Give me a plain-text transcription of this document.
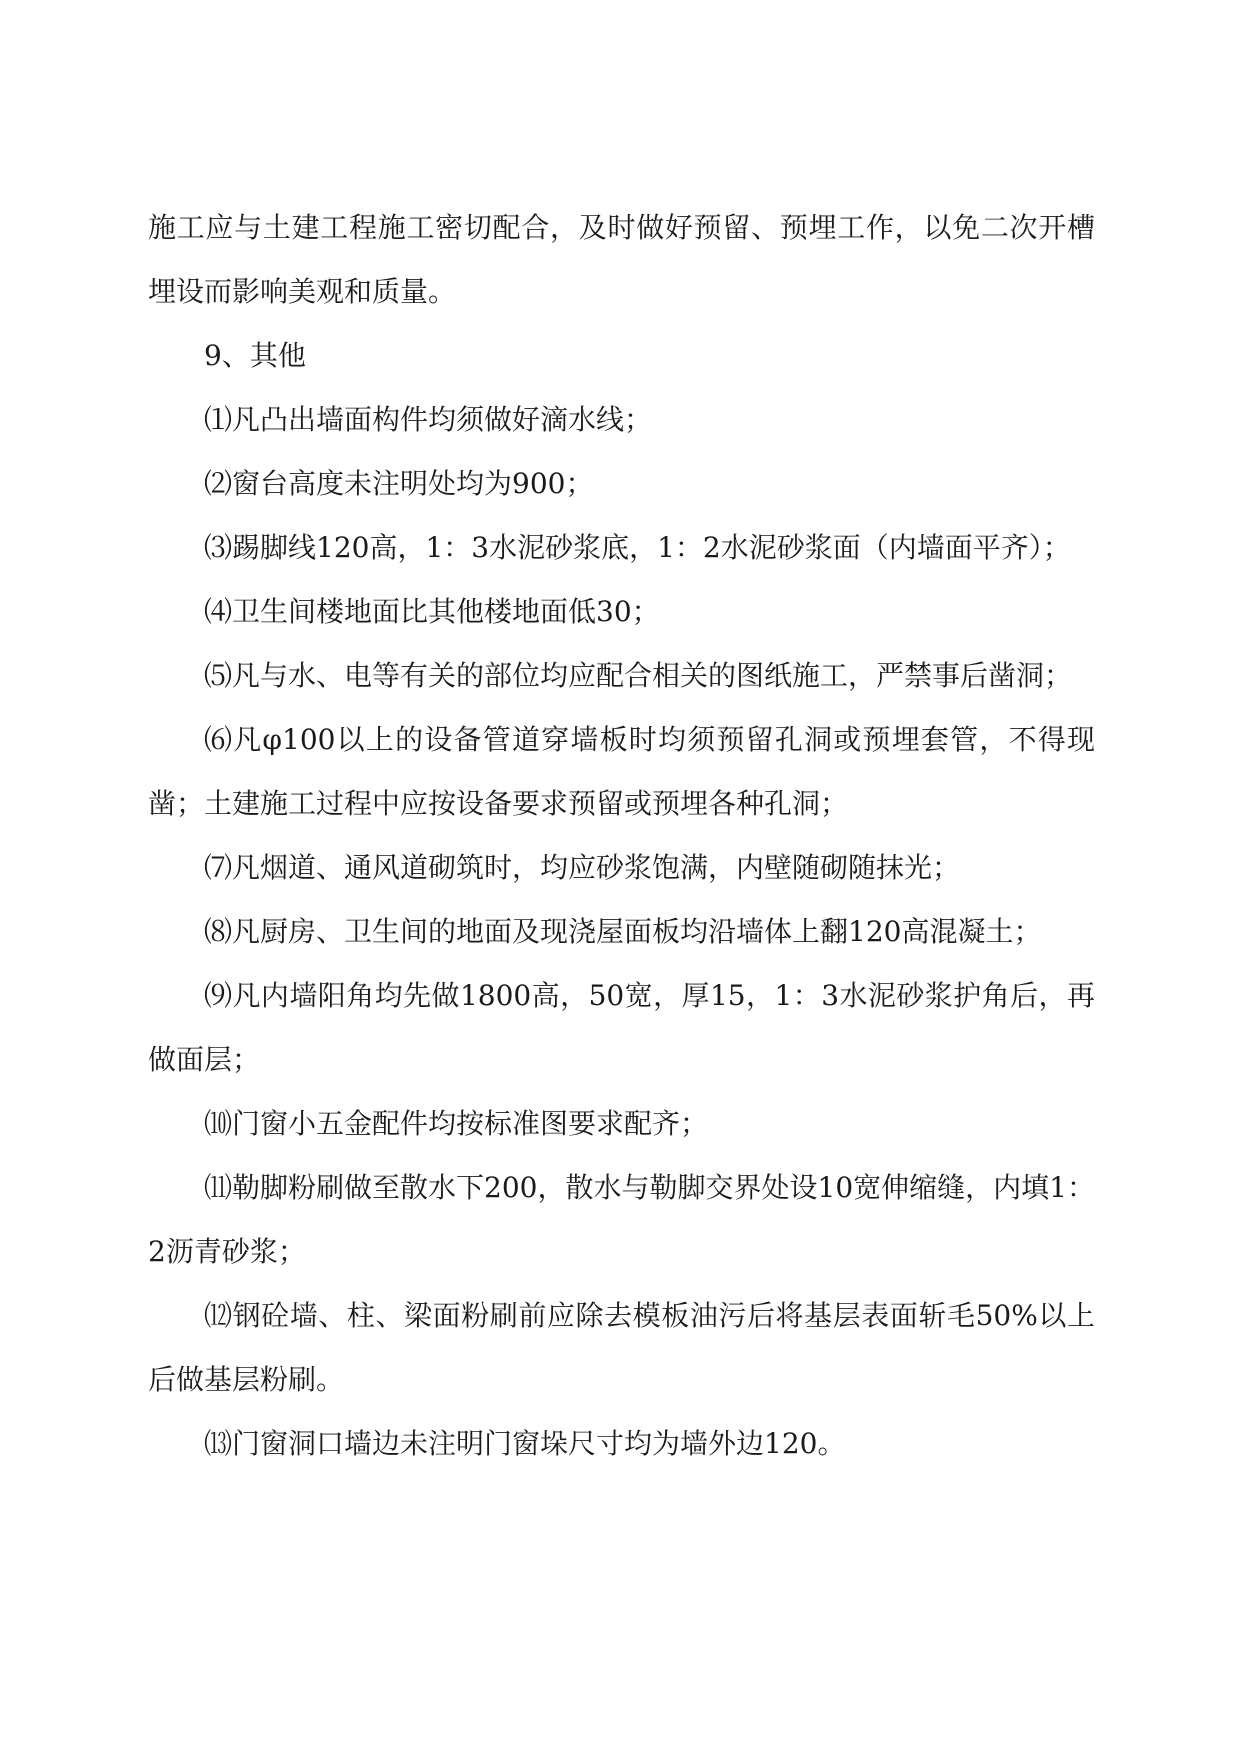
施工应与土建工程施工密切配合，及时做好预留、预埋工作，以免二次开槽埋设而影响美观和质量。

9、其他

⑴凡凸出墙面构件均须做好滴水线；

⑵窗台高度未注明处均为900；

⑶踢脚线120高，1：3水泥砂浆底，1：2水泥砂浆面（内墙面平齐）；

⑷卫生间楼地面比其他楼地面低30；

⑸凡与水、电等有关的部位均应配合相关的图纸施工，严禁事后凿洞；

⑹凡φ100以上的设备管道穿墙板时均须预留孔洞或预埋套管，不得现凿；土建施工过程中应按设备要求预留或预埋各种孔洞；

⑺凡烟道、通风道砌筑时，均应砂浆饱满，内壁随砌随抹光；

⑻凡厨房、卫生间的地面及现浇屋面板均沿墙体上翻120高混凝土；

⑼凡内墙阳角均先做1800高，50宽，厚15，1：3水泥砂浆护角后，再做面层；

⑽门窗小五金配件均按标准图要求配齐；

⑾勒脚粉刷做至散水下200，散水与勒脚交界处设10宽伸缩缝，内填1：2沥青砂浆；

⑿钢砼墙、柱、梁面粉刷前应除去模板油污后将基层表面斩毛50%以上后做基层粉刷。

⒀门窗洞口墙边未注明门窗垛尺寸均为墙外边120。
